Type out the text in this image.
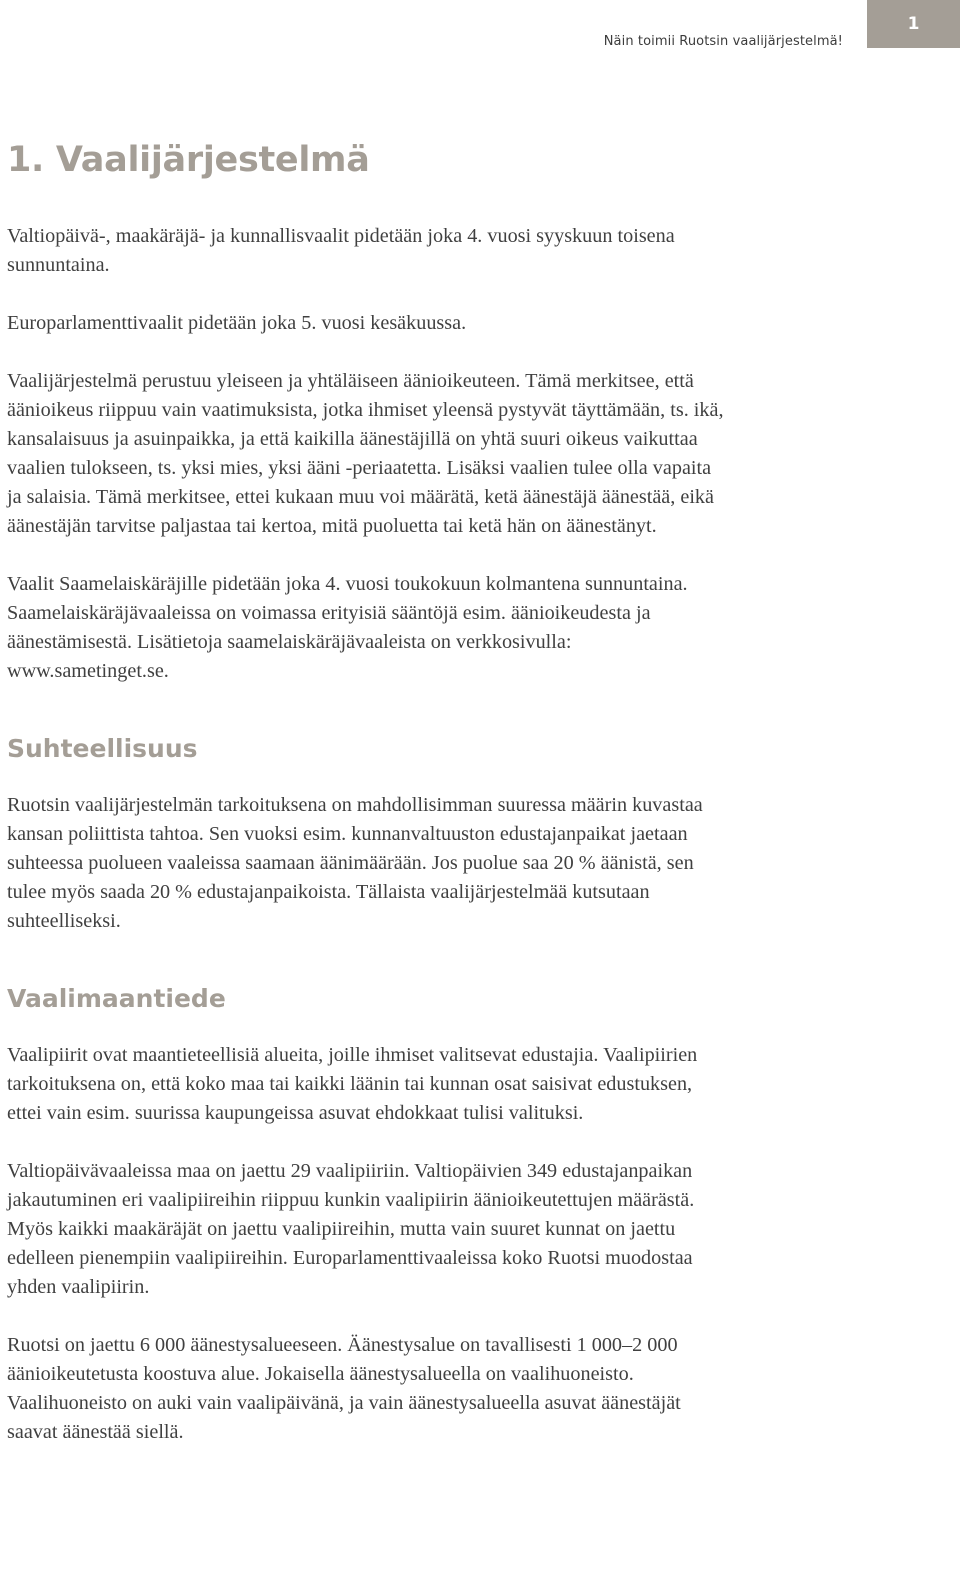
Näin toimii Ruotsin vaalijärjestelmä!
1
1. Vaalijärjestelmä

Valtiopäivä-, maakäräjä- ja kunnallisvaalit pidetään joka 4. vuosi syyskuun toisena sunnuntaina.

Europarlamenttivaalit pidetään joka 5. vuosi kesäkuussa.

Vaalijärjestelmä perustuu yleiseen ja yhtäläiseen äänioikeuteen. Tämä merkitsee, että äänioikeus riippuu vain vaatimuksista, jotka ihmiset yleensä pystyvät täyttämään, ts. ikä, kansalaisuus ja asuinpaikka, ja että kaikilla äänestäjillä on yhtä suuri oikeus vaikuttaa vaalien tulokseen, ts. yksi mies, yksi ääni -periaatetta. Lisäksi vaalien tulee olla vapaita ja salaisia. Tämä merkitsee, ettei kukaan muu voi määrätä, ketä äänestäjä äänestää, eikä äänestäjän tarvitse paljastaa tai kertoa, mitä puoluetta tai ketä hän on äänestänyt.

Vaalit Saamelaiskäräjille pidetään joka 4. vuosi toukokuun kolmantena sunnuntaina. Saamelaiskäräjävaaleissa on voimassa erityisiä sääntöjä esim. äänioikeudesta ja äänestämisestä. Lisätietoja saamelaiskäräjävaaleista on verkkosivulla: www.sametinget.se.

Suhteellisuus

Ruotsin vaalijärjestelmän tarkoituksena on mahdollisimman suuressa määrin kuvastaa kansan poliittista tahtoa. Sen vuoksi esim. kunnanvaltuuston edustajanpaikat jaetaan suhteessa puolueen vaaleissa saamaan äänimäärään. Jos puolue saa 20 % äänistä, sen tulee myös saada 20 % edustajanpaikoista. Tällaista vaalijärjestelmää kutsutaan suhteelliseksi.

Vaalimaantiede

Vaalipiirit ovat maantieteellisiä alueita, joille ihmiset valitsevat edustajia. Vaalipiirien tarkoituksena on, että koko maa tai kaikki läänin tai kunnan osat saisivat edustuksen, ettei vain esim. suurissa kaupungeissa asuvat ehdokkaat tulisi valituksi.

Valtiopäivävaaleissa maa on jaettu 29 vaalipiiriin. Valtiopäivien 349 edustajanpaikan jakautuminen eri vaalipiireihin riippuu kunkin vaalipiirin äänioikeutettujen määrästä. Myös kaikki maakäräjät on jaettu vaalipiireihin, mutta vain suuret kunnat on jaettu edelleen pienempiin vaalipiireihin. Europarlamenttivaaleissa koko Ruotsi muodostaa yhden vaalipiirin.

Ruotsi on jaettu 6 000 äänestysalueeseen. Äänestysalue on tavallisesti 1 000–2 000 äänioikeutetusta koostuva alue. Jokaisella äänestysalueella on vaalihuoneisto. Vaalihuoneisto on auki vain vaalipäivänä, ja vain äänestysalueella asuvat äänestäjät saavat äänestää siellä.
